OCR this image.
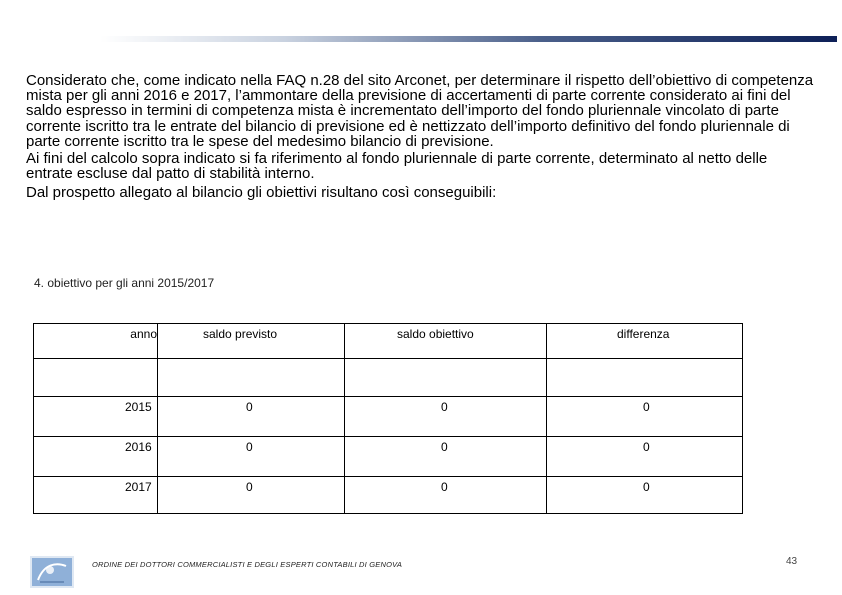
Considerato che, come indicato nella FAQ n.28 del sito Arconet, per determinare il rispetto dell’obiettivo di competenza mista per gli anni 2016 e 2017, l’ammontare della previsione di accertamenti di parte corrente considerato ai fini del saldo espresso in termini di competenza mista è incrementato dell’importo del fondo pluriennale vincolato di parte corrente iscritto tra le entrate del bilancio di previsione ed è nettizzato dell’importo definitivo del fondo pluriennale di parte corrente iscritto tra le spese del medesimo bilancio di previsione.

Ai fini del calcolo sopra indicato si fa riferimento al fondo pluriennale di parte corrente, determinato al netto delle entrate escluse dal patto di stabilità interno.

Dal prospetto allegato al bilancio gli obiettivi risultano così conseguibili:

4. obiettivo per gli anni 2015/2017
anno	saldo previsto	saldo obiettivo	differenza

2015	0	0	0

2016	0	0	0

2017	0	0	0
ORDINE DEI DOTTORI COMMERCIALISTI E DEGLI ESPERTI CONTABILI DI GENOVA	43
